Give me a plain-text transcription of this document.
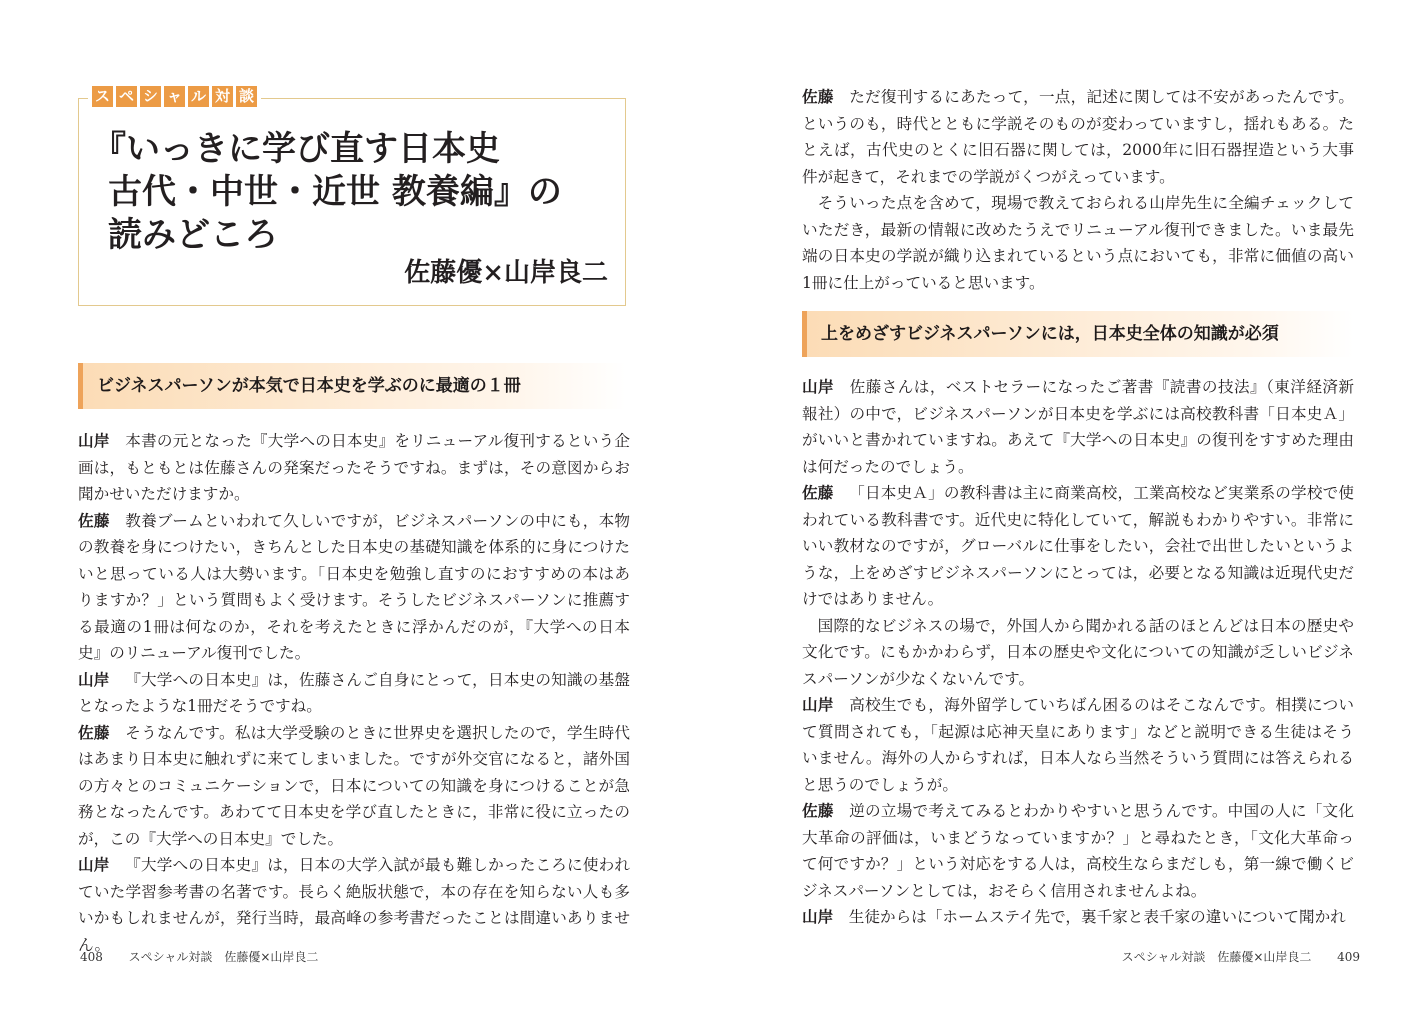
ス ペ シ ャ ル 対 談
『いっきに学び直す日本史
古代・中世・近世 教養編』の
読みどころ
佐藤優×山岸良二
ビジネスパーソンが本気で日本史を学ぶのに最適の１冊

山岸 本書の元となった『大学への日本史』をリニューアル復刊するという企画は，もともとは佐藤さんの発案だったそうですね。まずは，その意図からお聞かせいただけますか。

佐藤 教養ブームといわれて久しいですが，ビジネスパーソンの中にも，本物の教養を身につけたい，きちんとした日本史の基礎知識を体系的に身につけたいと思っている人は大勢います。「日本史を勉強し直すのにおすすめの本はありますか？」という質問もよく受けます。そうしたビジネスパーソンに推薦する最適の1冊は何なのか，それを考えたときに浮かんだのが，『大学への日本史』のリニューアル復刊でした。

山岸 『大学への日本史』は，佐藤さんご自身にとって，日本史の知識の基盤となったような1冊だそうですね。

佐藤 そうなんです。私は大学受験のときに世界史を選択したので，学生時代はあまり日本史に触れずに来てしまいました。ですが外交官になると，諸外国の方々とのコミュニケーションで，日本についての知識を身につけることが急務となったんです。あわてて日本史を学び直したときに，非常に役に立ったのが，この『大学への日本史』でした。

山岸 『大学への日本史』は，日本の大学入試が最も難しかったころに使われていた学習参考書の名著です。長らく絶版状態で，本の存在を知らない人も多いかもしれませんが，発行当時，最高峰の参考書だったことは間違いありません。

408 スペシャル対談　佐藤優×山岸良二

佐藤 ただ復刊するにあたって，一点，記述に関しては不安があったんです。というのも，時代とともに学説そのものが変わっていますし，揺れもある。たとえば，古代史のとくに旧石器に関しては，2000年に旧石器捏造という大事件が起きて，それまでの学説がくつがえっています。

そういった点を含めて，現場で教えておられる山岸先生に全編チェックしていただき，最新の情報に改めたうえでリニューアル復刊できました。いま最先端の日本史の学説が織り込まれているという点においても，非常に価値の高い1冊に仕上がっていると思います。

上をめざすビジネスパーソンには，日本史全体の知識が必須

山岸 佐藤さんは，ベストセラーになったご著書『読書の技法』（東洋経済新報社）の中で，ビジネスパーソンが日本史を学ぶには高校教科書「日本史Ａ」がいいと書かれていますね。あえて『大学への日本史』の復刊をすすめた理由は何だったのでしょう。

佐藤 「日本史Ａ」の教科書は主に商業高校，工業高校など実業系の学校で使われている教科書です。近代史に特化していて，解説もわかりやすい。非常にいい教材なのですが，グローバルに仕事をしたい，会社で出世したいというような，上をめざすビジネスパーソンにとっては，必要となる知識は近現代史だけではありません。

国際的なビジネスの場で，外国人から聞かれる話のほとんどは日本の歴史や文化です。にもかかわらず，日本の歴史や文化についての知識が乏しいビジネスパーソンが少なくないんです。

山岸 高校生でも，海外留学していちばん困るのはそこなんです。相撲について質問されても，「起源は応神天皇にあります」などと説明できる生徒はそういません。海外の人からすれば，日本人なら当然そういう質問には答えられると思うのでしょうが。

佐藤 逆の立場で考えてみるとわかりやすいと思うんです。中国の人に「文化大革命の評価は，いまどうなっていますか？」と尋ねたとき，「文化大革命って何ですか？」という対応をする人は，高校生ならまだしも，第一線で働くビジネスパーソンとしては，おそらく信用されませんよね。

山岸 生徒からは「ホームステイ先で，裏千家と表千家の違いについて聞かれ

スペシャル対談　佐藤優×山岸良二 409
